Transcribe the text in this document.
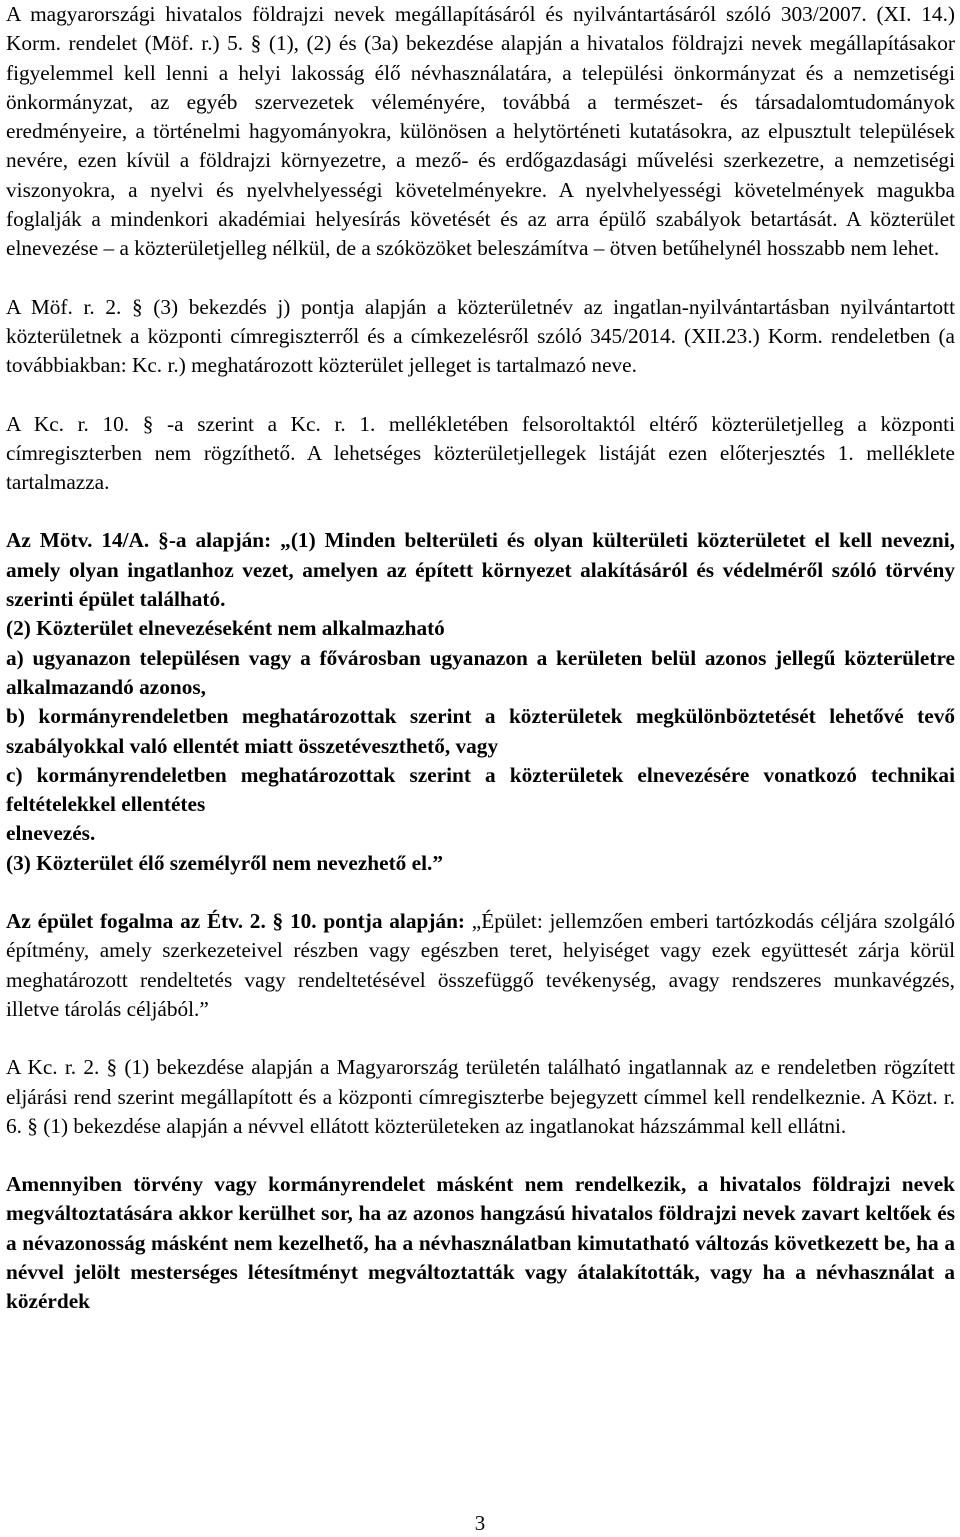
A magyarországi hivatalos földrajzi nevek megállapításáról és nyilvántartásáról szóló 303/2007. (XI. 14.) Korm. rendelet (Möf. r.) 5. § (1), (2) és (3a) bekezdése alapján a hivatalos földrajzi nevek megállapításakor figyelemmel kell lenni a helyi lakosság élő névhasználatára, a települési önkormányzat és a nemzetiségi önkormányzat, az egyéb szervezetek véleményére, továbbá a természet- és társadalomtudományok eredményeire, a történelmi hagyományokra, különösen a helytörténeti kutatásokra, az elpusztult települések nevére, ezen kívül a földrajzi környezetre, a mező- és erdőgazdasági művelési szerkezetre, a nemzetiségi viszonyokra, a nyelvi és nyelvhelyességi követelményekre. A nyelvhelyességi követelmények magukba foglalják a mindenkori akadémiai helyesírás követését és az arra épülő szabályok betartását. A közterület elnevezése – a közterületjelleg nélkül, de a szóközöket beleszámítva – ötven betűhelynél hosszabb nem lehet.

A Möf. r. 2. § (3) bekezdés j) pontja alapján a közterületnév az ingatlan-nyilvántartásban nyilvántartott közterületnek a központi címregiszterről és a címkezelésről szóló 345/2014. (XII.23.) Korm. rendeletben (a továbbiakban: Kc. r.) meghatározott közterület jelleget is tartalmazó neve.

A Kc. r. 10. § -a szerint a Kc. r. 1. mellékletében felsoroltaktól eltérő közterületjelleg a központi címregiszterben nem rögzíthető. A lehetséges közterületjellegek listáját ezen előterjesztés 1. melléklete tartalmazza.

Az Mötv. 14/A. §-a alapján: „(1) Minden belterületi és olyan külterületi közterületet el kell nevezni, amely olyan ingatlanhoz vezet, amelyen az épített környezet alakításáról és védelméről szóló törvény szerinti épület található.

(2) Közterület elnevezéseként nem alkalmazható

a) ugyanazon településen vagy a fővárosban ugyanazon a kerületen belül azonos jellegű közterületre alkalmazandó azonos,

b) kormányrendeletben meghatározottak szerint a közterületek megkülönböztetését lehetővé tevő szabályokkal való ellentét miatt összetéveszthető, vagy

c) kormányrendeletben meghatározottak szerint a közterületek elnevezésére vonatkozó technikai feltételekkel ellentétes

elnevezés.

(3) Közterület élő személyről nem nevezhető el.”

Az épület fogalma az Étv. 2. § 10. pontja alapján: „Épület: jellemzően emberi tartózkodás céljára szolgáló építmény, amely szerkezeteivel részben vagy egészben teret, helyiséget vagy ezek együttesét zárja körül meghatározott rendeltetés vagy rendeltetésével összefüggő tevékenység, avagy rendszeres munkavégzés, illetve tárolás céljából.”

A Kc. r. 2. § (1) bekezdése alapján a Magyarország területén található ingatlannak az e rendeletben rögzített eljárási rend szerint megállapított és a központi címregiszterbe bejegyzett címmel kell rendelkeznie. A Közt. r. 6. § (1) bekezdése alapján a névvel ellátott közterületeken az ingatlanokat házszámmal kell ellátni.

Amennyiben törvény vagy kormányrendelet másként nem rendelkezik, a hivatalos földrajzi nevek megváltoztatására akkor kerülhet sor, ha az azonos hangzású hivatalos földrajzi nevek zavart keltőek és a névazonosság másként nem kezelhető, ha a névhasználatban kimutatható változás következett be, ha a névvel jelölt mesterséges létesítményt megváltoztatták vagy átalakították, vagy ha a névhasználat a közérdek

3
